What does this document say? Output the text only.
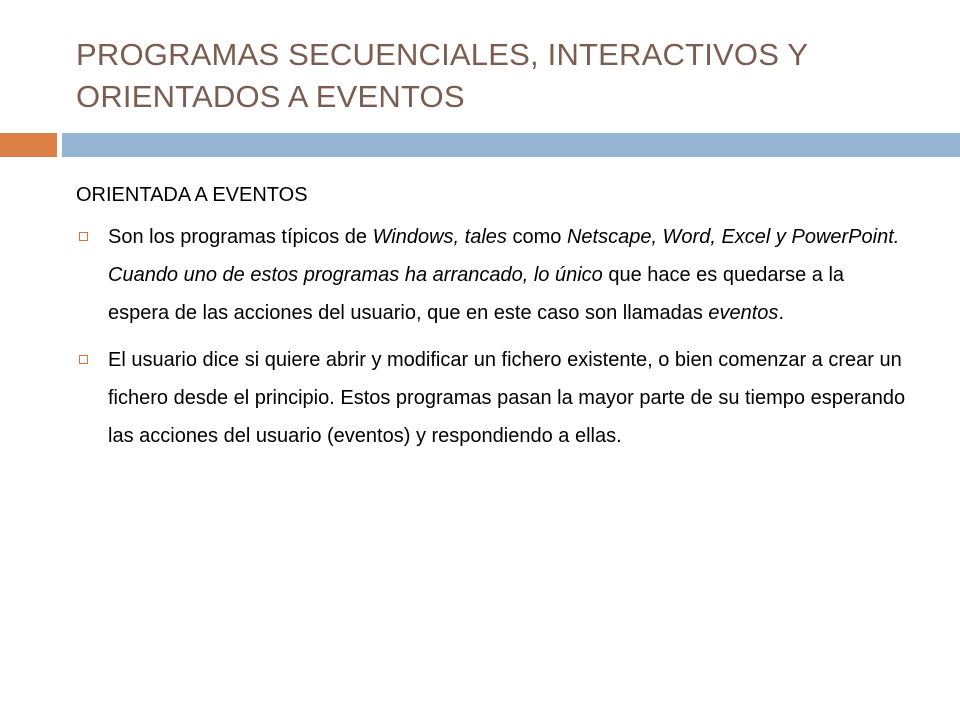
PROGRAMAS SECUENCIALES, INTERACTIVOS Y
ORIENTADOS A EVENTOS
ORIENTADA A EVENTOS
Son los programas típicos de Windows, tales como Netscape, Word, Excel y PowerPoint. Cuando uno de estos programas ha arrancado, lo único que hace es quedarse a la espera de las acciones del usuario, que en este caso son llamadas eventos.
El usuario dice si quiere abrir y modificar un fichero existente, o bien comenzar a crear un fichero desde el principio. Estos programas pasan la mayor parte de su tiempo esperando las acciones del usuario (eventos) y respondiendo a ellas.
